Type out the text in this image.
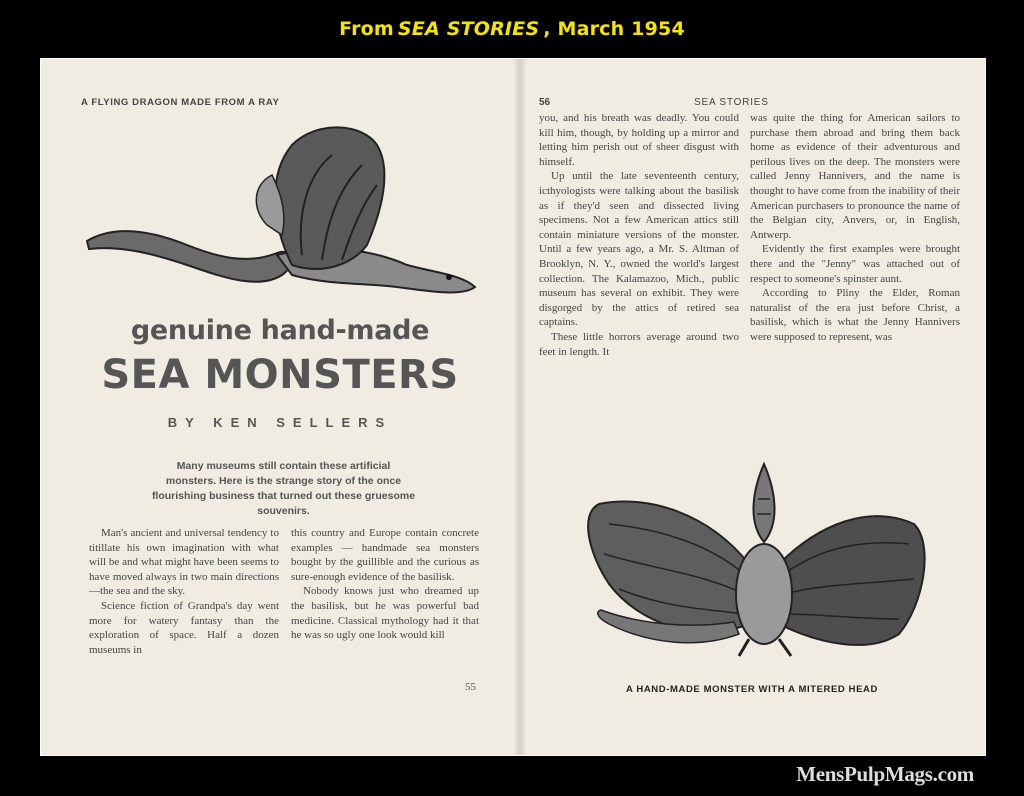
From SEA STORIES , March 1954
A FLYING DRAGON MADE FROM A RAY
genuine hand-made
SEA MONSTERS
BY KEN SELLERS
Many museums still contain these artificial monsters. Here is the strange story of the once flourishing business that turned out these gruesome souvenirs.

Man's ancient and universal tendency to titillate his own imagination with what will be and what might have been seems to have moved always in two main directions—the sea and the sky.

Science fiction of Grandpa's day went more for watery fantasy than the exploration of space. Half a dozen museums in

this country and Europe contain concrete examples — handmade sea monsters bought by the guillible and the curious as sure-enough evidence of the basilisk.

Nobody knows just who dreamed up the basilisk, but he was powerful bad medicine. Classical mythology had it that he was so ugly one look would kill

55
56	SEA STORIES

you, and his breath was deadly. You could kill him, though, by holding up a mirror and letting him perish out of sheer disgust with himself.

Up until the late seventeenth century, icthyologists were talking about the basilisk as if they'd seen and dissected living specimens. Not a few American attics still contain miniature versions of the monster. Until a few years ago, a Mr. S. Altman of Brooklyn, N. Y., owned the world's largest collection. The Kalamazoo, Mich., public museum has several on exhibit. They were disgorged by the attics of retired sea captains.

These little horrors average around two feet in length. It

was quite the thing for American sailors to purchase them abroad and bring them back home as evidence of their adventurous and perilous lives on the deep. The monsters were called Jenny Hannivers, and the name is thought to have come from the inability of their American purchasers to pronounce the name of the Belgian city, Anvers, or, in English, Antwerp.

Evidently the first examples were brought there and the "Jenny" was attached out of respect to someone's spinster aunt.

According to Pliny the Elder, Roman naturalist of the era just before Christ, a basilisk, which is what the Jenny Hannivers were supposed to represent, was

A HAND-MADE MONSTER WITH A MITERED HEAD
MensPulpMags.com
